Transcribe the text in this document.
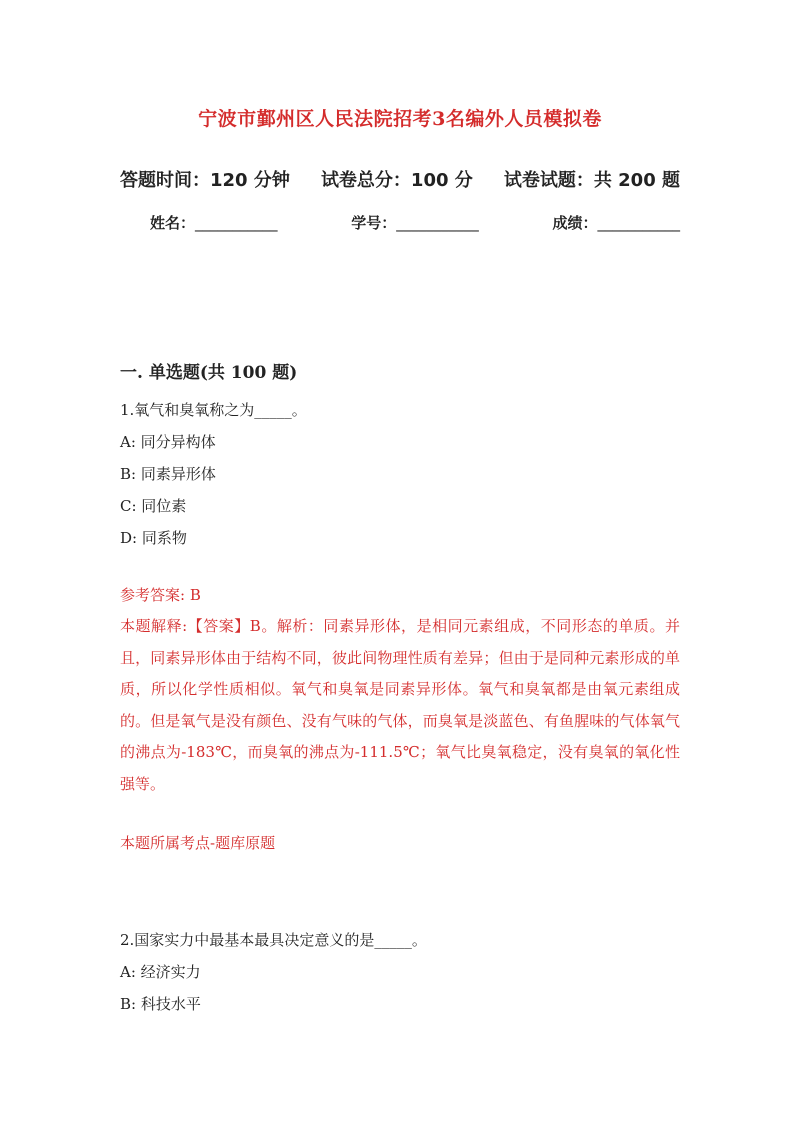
宁波市鄞州区人民法院招考3名编外人员模拟卷
答题时间：120 分钟 试卷总分：100 分 试卷试题：共 200 题
姓名：___________	学号：___________	成绩：___________
一. 单选题(共 100 题)
1.氧气和臭氧称之为_____。
A: 同分异构体
B: 同素异形体
C: 同位素
D: 同系物
参考答案: B
本题解释:【答案】B。解析：同素异形体，是相同元素组成，不同形态的单质。并且，同素异形体由于结构不同，彼此间物理性质有差异；但由于是同种元素形成的单质，所以化学性质相似。氧气和臭氧是同素异形体。氧气和臭氧都是由氧元素组成的。但是氧气是没有颜色、没有气味的气体，而臭氧是淡蓝色、有鱼腥味的气体氧气的沸点为-183℃，而臭氧的沸点为-111.5℃；氧气比臭氧稳定，没有臭氧的氧化性强等。
本题所属考点-题库原题
2.国家实力中最基本最具决定意义的是_____。
A: 经济实力
B: 科技水平
